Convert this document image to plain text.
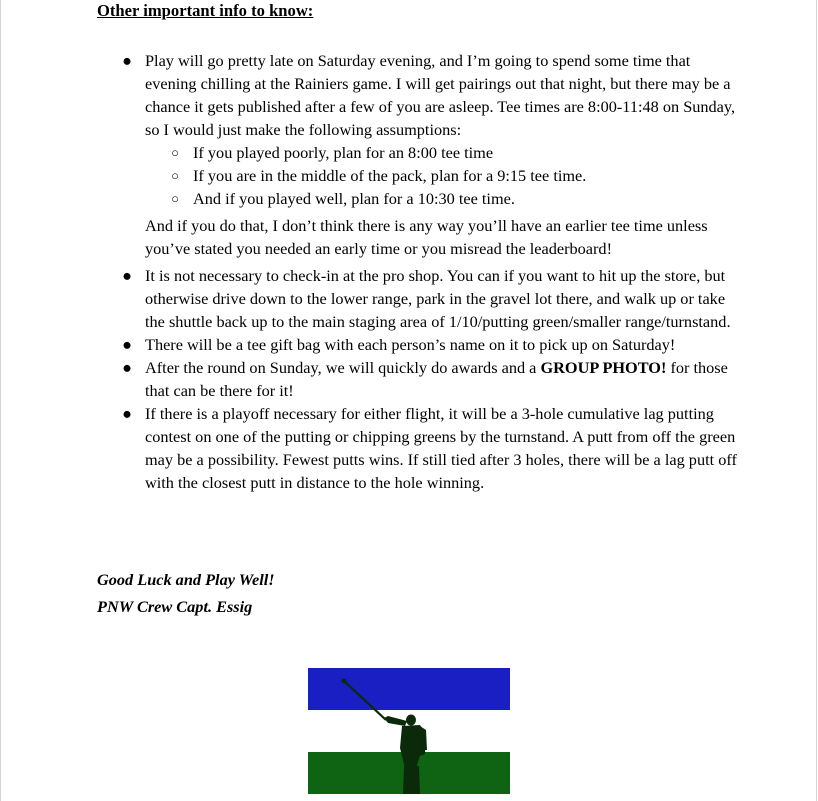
Other important info to know:
● Play will go pretty late on Saturday evening, and I’m going to spend some time that evening chilling at the Rainiers game. I will get pairings out that night, but there may be a chance it gets published after a few of you are asleep. Tee times are 8:00-11:48 on Sunday, so I would just make the following assumptions:
○ If you played poorly, plan for an 8:00 tee time
○ If you are in the middle of the pack, plan for a 9:15 tee time.
○ And if you played well, plan for a 10:30 tee time.
And if you do that, I don’t think there is any way you’ll have an earlier tee time unless you’ve stated you needed an early time or you misread the leaderboard!
● It is not necessary to check-in at the pro shop. You can if you want to hit up the store, but otherwise drive down to the lower range, park in the gravel lot there, and walk up or take the shuttle back up to the main staging area of 1/10/putting green/smaller range/turnstand.
● There will be a tee gift bag with each person’s name on it to pick up on Saturday!
● After the round on Sunday, we will quickly do awards and a GROUP PHOTO! for those that can be there for it!
● If there is a playoff necessary for either flight, it will be a 3-hole cumulative lag putting contest on one of the putting or chipping greens by the turnstand. A putt from off the green may be a possibility. Fewest putts wins. If still tied after 3 holes, there will be a lag putt off with the closest putt in distance to the hole winning.
Good Luck and Play Well!
PNW Crew Capt. Essig
